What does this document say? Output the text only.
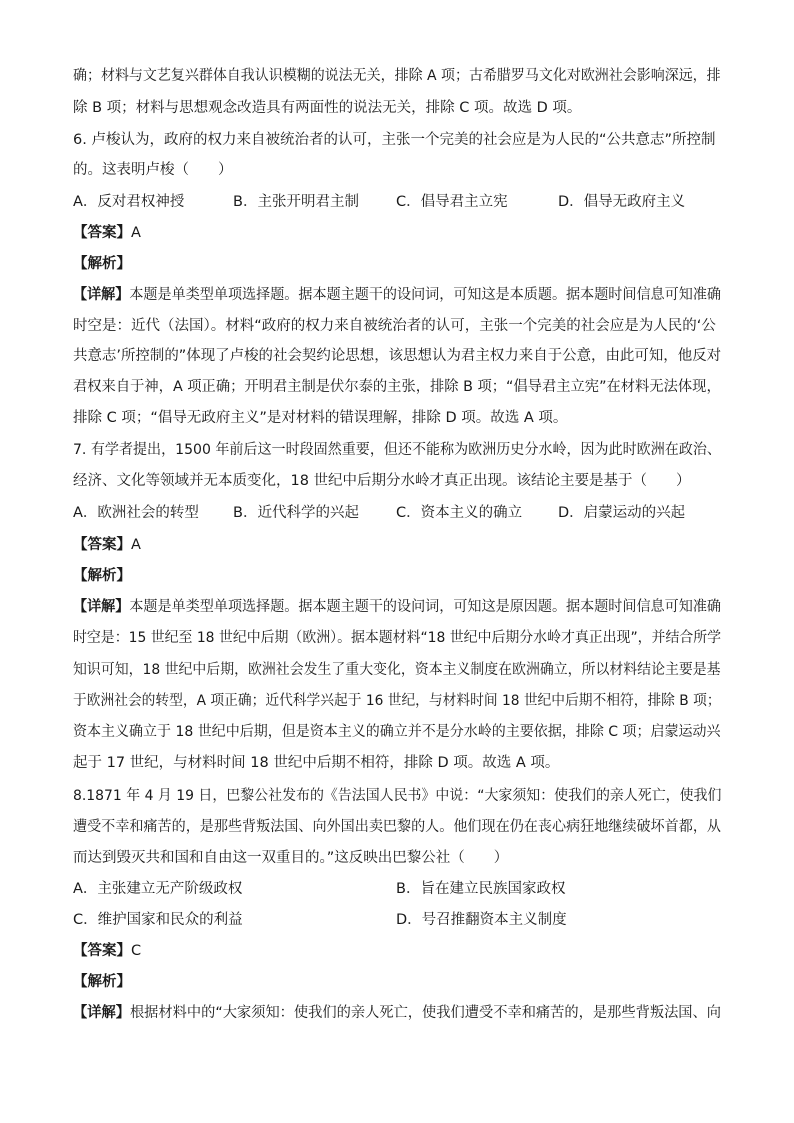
确；材料与文艺复兴群体自我认识模糊的说法无关，排除 A 项；古希腊罗马文化对欧洲社会影响深远，排
除 B 项；材料与思想观念改造具有两面性的说法无关，排除 C 项。故选 D 项。
6. 卢梭认为，政府的权力来自被统治者的认可，主张一个完美的社会应是为人民的“公共意志”所控制
的。这表明卢梭（　　）
A．反对君权神授	B．主张开明君主制	C．倡导君主立宪	D．倡导无政府主义
【答案】A
【解析】
【详解】本题是单类型单项选择题。据本题主题干的设问词，可知这是本质题。据本题时间信息可知准确
时空是：近代（法国）。材料“政府的权力来自被统治者的认可，主张一个完美的社会应是为人民的‘公
共意志’所控制的”体现了卢梭的社会契约论思想，该思想认为君主权力来自于公意，由此可知，他反对
君权来自于神，A 项正确；开明君主制是伏尔泰的主张，排除 B 项；“倡导君主立宪”在材料无法体现，
排除 C 项；“倡导无政府主义”是对材料的错误理解，排除 D 项。故选 A 项。
7. 有学者提出，1500 年前后这一时段固然重要，但还不能称为欧洲历史分水岭，因为此时欧洲在政治、
经济、文化等领域并无本质变化，18 世纪中后期分水岭才真正出现。该结论主要是基于（　　）
A．欧洲社会的转型 B．近代科学的兴起	C．资本主义的确立 D．启蒙运动的兴起
【答案】A
【解析】
【详解】本题是单类型单项选择题。据本题主题干的设问词，可知这是原因题。据本题时间信息可知准确
时空是：15 世纪至 18 世纪中后期（欧洲）。据本题材料“18 世纪中后期分水岭才真正出现”，并结合所学
知识可知，18 世纪中后期，欧洲社会发生了重大变化，资本主义制度在欧洲确立，所以材料结论主要是基
于欧洲社会的转型，A 项正确；近代科学兴起于 16 世纪，与材料时间 18 世纪中后期不相符，排除 B 项；
资本主义确立于 18 世纪中后期，但是资本主义的确立并不是分水岭的主要依据，排除 C 项；启蒙运动兴
起于 17 世纪，与材料时间 18 世纪中后期不相符，排除 D 项。故选 A 项。
8.1871 年 4 月 19 日，巴黎公社发布的《告法国人民书》中说：“大家须知：使我们的亲人死亡，使我们
遭受不幸和痛苦的，是那些背叛法国、向外国出卖巴黎的人。他们现在仍在丧心病狂地继续破坏首都，从
而达到毁灭共和国和自由这一双重目的。”这反映出巴黎公社（　　）
A．主张建立无产阶级政权	B．旨在建立民族国家政权
C．维护国家和民众的利益	D．号召推翻资本主义制度
【答案】C
【解析】
【详解】根据材料中的“大家须知：使我们的亲人死亡，使我们遭受不幸和痛苦的，是那些背叛法国、向
